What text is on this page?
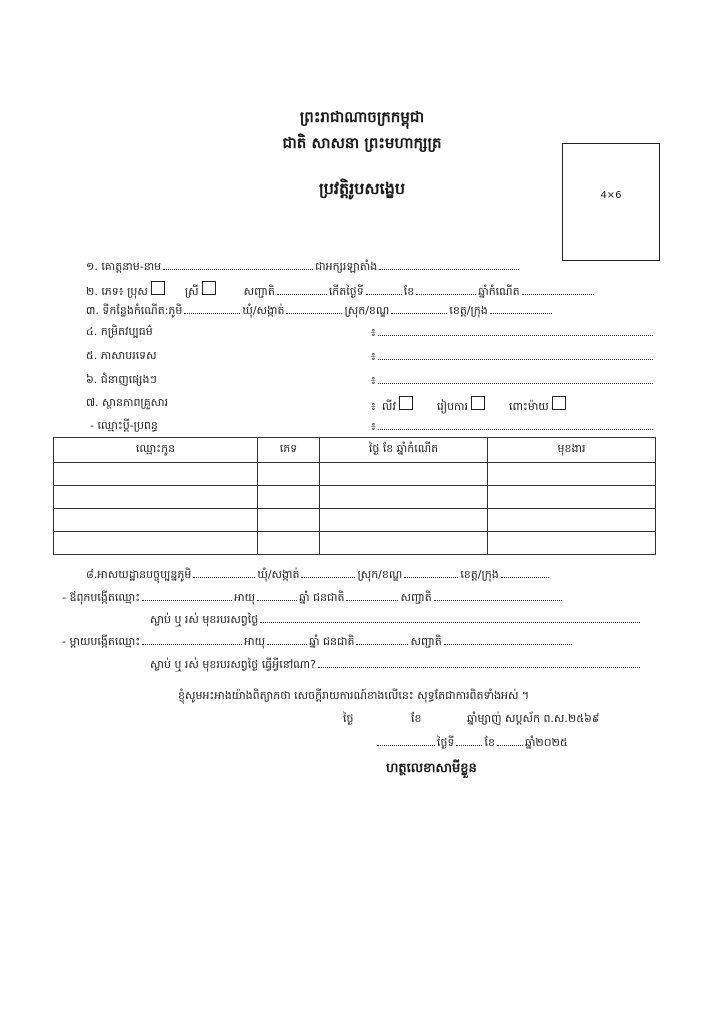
ព្រះរាជាណាចក្រកម្ពុជា
ជាតិ សាសនា ព្រះមហាក្សត្រ
ប្រវត្តិរូបសង្ខេប	4×6
១. គោត្តនាម-នាម	ជាអក្សរឡាតាំង
២. ភេទ៖ ប្រុស	ស្រី	សញ្ជាតិ	កើតថ្ងៃទី	ខែ	ឆ្នាំកំណើត
៣. ទីកន្លែងកំណើត:ភូមិ	ឃុំ/សង្កាត់	ស្រុក/ខណ្ឌ	ខេត្ត/ក្រុង
៤. កម្រិតវប្បធម៌	៖
៥. ភាសាបរទេស	៖
៦. ជំនាញផ្សេងៗ	៖
៧. ស្ថានភាពគ្រួសារ	៖ លីវ	រៀបការ	ពោះម៉ាយ
- ឈ្មោះប្តី-ប្រពន្ធ	៖
ឈ្មោះកូន	ភេទ	ថ្ងៃ ខែ ឆ្នាំកំណើត	មុខងារ

៨.អាសយដ្ឋានបច្ចុប្បន្នភូមិ	ឃុំ/សង្កាត់	ស្រុក/ខណ្ឌ	ខេត្ត/ក្រុង
- ឪពុកបង្កើតឈ្មោះ	អាយុ	ឆ្នាំ ជនជាតិ	សញ្ជាតិ
ស្លាប់ ឬ រស់ មុខរបរសព្វថ្ងៃ
- ម្តាយបង្កើតឈ្មោះ	អាយុ	ឆ្នាំ ជនជាតិ	សញ្ជាតិ
ស្លាប់ ឬ រស់ មុខរបរសព្វថ្ងៃ ធ្វើអ្វីនៅណា?
ខ្ញុំសូមអះអាងយ៉ាងពិត្យាកថា សេចក្តីរាយការណ៍ខាងលើនេះ សុទ្ធតែជាការពិតទាំងអស់ ។
ថ្ងៃ	ខែ	ឆ្នាំម្សាញ់ សប្តស័ក ព.ស.២៥៦៩
ថ្ងៃទី	ខែ	ឆ្នាំ២០២៥
ហត្ថលេខាសាមីខ្លួន
